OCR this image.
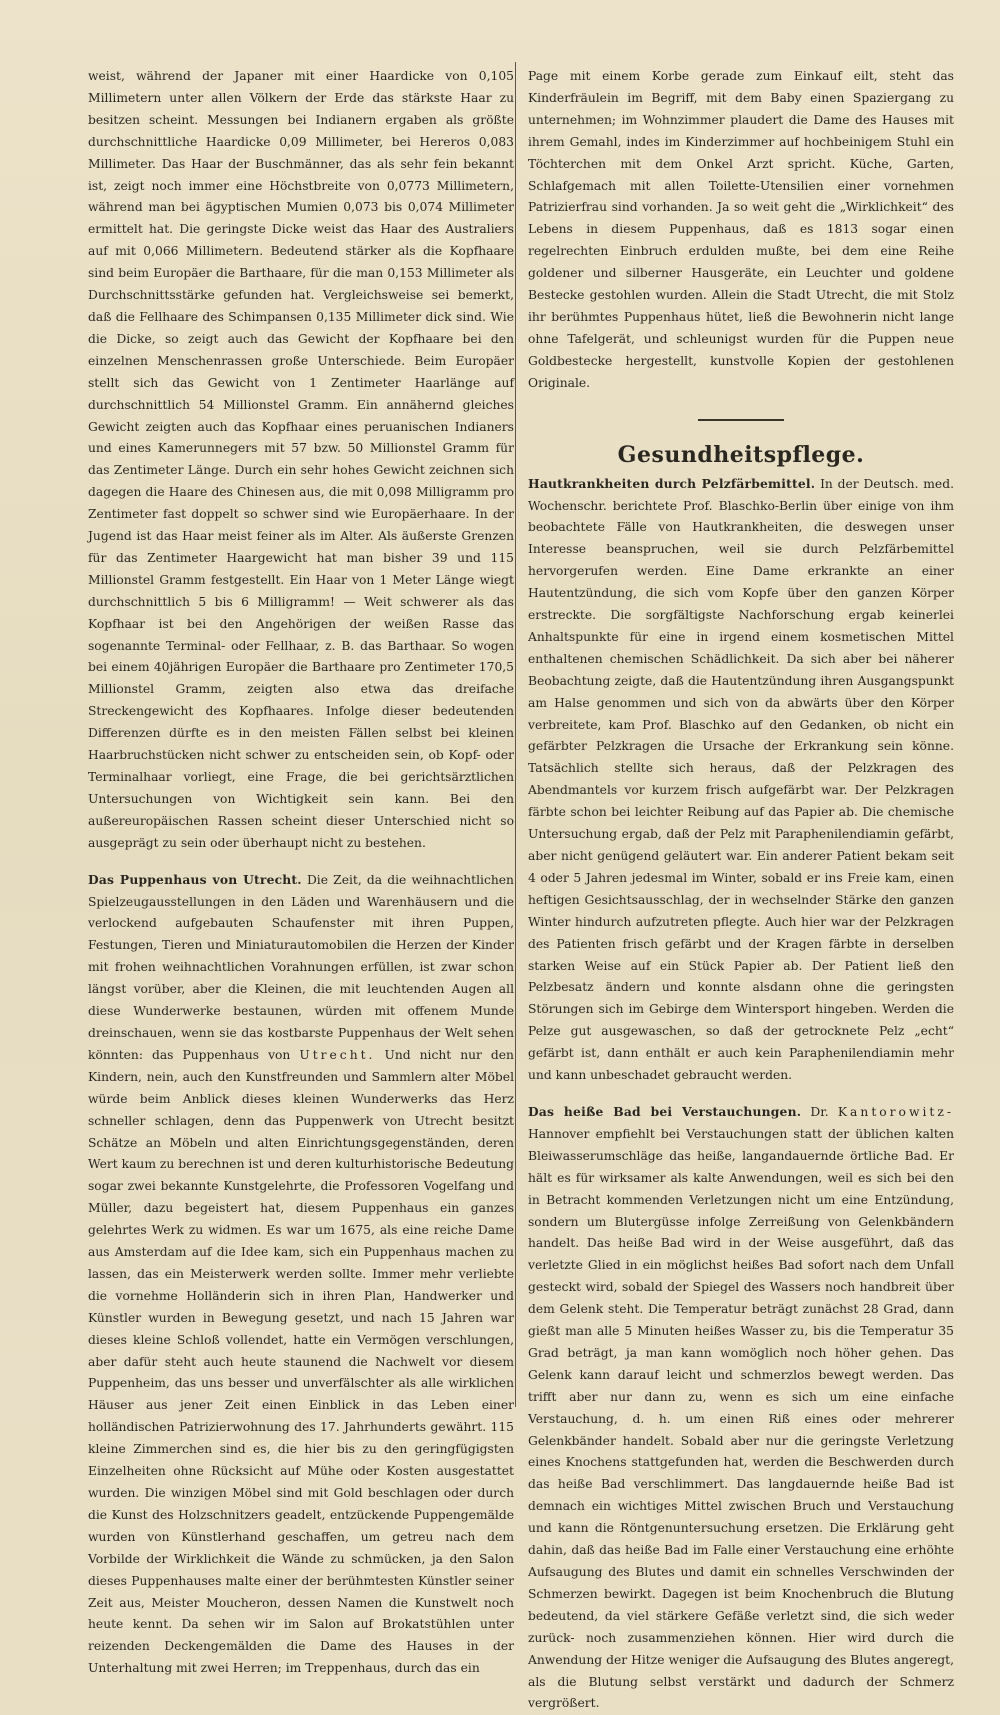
weist, während der Japaner mit einer Haardicke von 0,105 Millimetern unter allen Völkern der Erde das stärkste Haar zu besitzen scheint. Messungen bei Indianern ergaben als größte durchschnittliche Haardicke 0,09 Millimeter, bei Hereros 0,083 Millimeter. Das Haar der Buschmänner, das als sehr fein bekannt ist, zeigt noch immer eine Höchstbreite von 0,0773 Millimetern, während man bei ägyptischen Mumien 0,073 bis 0,074 Millimeter ermittelt hat. Die geringste Dicke weist das Haar des Australiers auf mit 0,066 Millimetern. Bedeutend stärker als die Kopfhaare sind beim Europäer die Barthaare, für die man 0,153 Millimeter als Durchschnittsstärke gefunden hat. Vergleichsweise sei bemerkt, daß die Fellhaare des Schimpansen 0,135 Millimeter dick sind. Wie die Dicke, so zeigt auch das Gewicht der Kopfhaare bei den einzelnen Menschenrassen große Unterschiede. Beim Europäer stellt sich das Gewicht von 1 Zentimeter Haarlänge auf durchschnittlich 54 Millionstel Gramm. Ein annähernd gleiches Gewicht zeigten auch das Kopfhaar eines peruanischen Indianers und eines Kamerunnegers mit 57 bzw. 50 Millionstel Gramm für das Zentimeter Länge. Durch ein sehr hohes Gewicht zeichnen sich dagegen die Haare des Chinesen aus, die mit 0,098 Milligramm pro Zentimeter fast doppelt so schwer sind wie Europäerhaare. In der Jugend ist das Haar meist feiner als im Alter. Als äußerste Grenzen für das Zentimeter Haargewicht hat man bisher 39 und 115 Millionstel Gramm festgestellt. Ein Haar von 1 Meter Länge wiegt durchschnittlich 5 bis 6 Milligramm! — Weit schwerer als das Kopfhaar ist bei den Angehörigen der weißen Rasse das sogenannte Terminal- oder Fellhaar, z. B. das Barthaar. So wogen bei einem 40jährigen Europäer die Barthaare pro Zentimeter 170,5 Millionstel Gramm, zeigten also etwa das dreifache Streckengewicht des Kopfhaares. Infolge dieser bedeutenden Differenzen dürfte es in den meisten Fällen selbst bei kleinen Haarbruchstücken nicht schwer zu entscheiden sein, ob Kopf- oder Terminalhaar vorliegt, eine Frage, die bei gerichtsärztlichen Untersuchungen von Wichtigkeit sein kann. Bei den außereuropäischen Rassen scheint dieser Unterschied nicht so ausgeprägt zu sein oder überhaupt nicht zu bestehen.

Das Puppenhaus von Utrecht. Die Zeit, da die weihnachtlichen Spielzeugausstellungen in den Läden und Warenhäusern und die verlockend aufgebauten Schaufenster mit ihren Puppen, Festungen, Tieren und Miniaturautomobilen die Herzen der Kinder mit frohen weihnachtlichen Vorahnungen erfüllen, ist zwar schon längst vorüber, aber die Kleinen, die mit leuchtenden Augen all diese Wunderwerke bestaunen, würden mit offenem Munde dreinschauen, wenn sie das kostbarste Puppenhaus der Welt sehen könnten: das Puppenhaus von Utrecht. Und nicht nur den Kindern, nein, auch den Kunstfreunden und Sammlern alter Möbel würde beim Anblick dieses kleinen Wunderwerks das Herz schneller schlagen, denn das Puppenwerk von Utrecht besitzt Schätze an Möbeln und alten Einrichtungsgegenständen, deren Wert kaum zu berechnen ist und deren kulturhistorische Bedeutung sogar zwei bekannte Kunstgelehrte, die Professoren Vogelfang und Müller, dazu begeistert hat, diesem Puppenhaus ein ganzes gelehrtes Werk zu widmen. Es war um 1675, als eine reiche Dame aus Amsterdam auf die Idee kam, sich ein Puppenhaus machen zu lassen, das ein Meisterwerk werden sollte. Immer mehr verliebte die vornehme Holländerin sich in ihren Plan, Handwerker und Künstler wurden in Bewegung gesetzt, und nach 15 Jahren war dieses kleine Schloß vollendet, hatte ein Vermögen verschlungen, aber dafür steht auch heute staunend die Nachwelt vor diesem Puppenheim, das uns besser und unverfälschter als alle wirklichen Häuser aus jener Zeit einen Einblick in das Leben einer holländischen Patrizierwohnung des 17. Jahrhunderts gewährt. 115 kleine Zimmerchen sind es, die hier bis zu den geringfügigsten Einzelheiten ohne Rücksicht auf Mühe oder Kosten ausgestattet wurden. Die winzigen Möbel sind mit Gold beschlagen oder durch die Kunst des Holzschnitzers geadelt, entzückende Puppengemälde wurden von Künstlerhand geschaffen, um getreu nach dem Vorbilde der Wirklichkeit die Wände zu schmücken, ja den Salon dieses Puppenhauses malte einer der berühmtesten Künstler seiner Zeit aus, Meister Moucheron, dessen Namen die Kunstwelt noch heute kennt. Da sehen wir im Salon auf Brokatstühlen unter reizenden Deckengemälden die Dame des Hauses in der Unterhaltung mit zwei Herren; im Treppenhaus, durch das ein

Page mit einem Korbe gerade zum Einkauf eilt, steht das Kinderfräulein im Begriff, mit dem Baby einen Spaziergang zu unternehmen; im Wohnzimmer plaudert die Dame des Hauses mit ihrem Gemahl, indes im Kinderzimmer auf hochbeinigem Stuhl ein Töchterchen mit dem Onkel Arzt spricht. Küche, Garten, Schlafgemach mit allen Toilette-Utensilien einer vornehmen Patrizierfrau sind vorhanden. Ja so weit geht die „Wirklichkeit“ des Lebens in diesem Puppenhaus, daß es 1813 sogar einen regelrechten Einbruch erdulden mußte, bei dem eine Reihe goldener und silberner Hausgeräte, ein Leuchter und goldene Bestecke gestohlen wurden. Allein die Stadt Utrecht, die mit Stolz ihr berühmtes Puppenhaus hütet, ließ die Bewohnerin nicht lange ohne Tafelgerät, und schleunigst wurden für die Puppen neue Goldbestecke hergestellt, kunstvolle Kopien der gestohlenen Originale.

Gesundheitspflege.

Hautkrankheiten durch Pelzfärbemittel. In der Deutsch. med. Wochenschr. berichtete Prof. Blaschko-Berlin über einige von ihm beobachtete Fälle von Hautkrankheiten, die deswegen unser Interesse beanspruchen, weil sie durch Pelzfärbemittel hervorgerufen werden. Eine Dame erkrankte an einer Hautentzündung, die sich vom Kopfe über den ganzen Körper erstreckte. Die sorgfältigste Nachforschung ergab keinerlei Anhaltspunkte für eine in irgend einem kosmetischen Mittel enthaltenen chemischen Schädlichkeit. Da sich aber bei näherer Beobachtung zeigte, daß die Hautentzündung ihren Ausgangspunkt am Halse genommen und sich von da abwärts über den Körper verbreitete, kam Prof. Blaschko auf den Gedanken, ob nicht ein gefärbter Pelzkragen die Ursache der Erkrankung sein könne. Tatsächlich stellte sich heraus, daß der Pelzkragen des Abendmantels vor kurzem frisch aufgefärbt war. Der Pelzkragen färbte schon bei leichter Reibung auf das Papier ab. Die chemische Untersuchung ergab, daß der Pelz mit Paraphenilendiamin gefärbt, aber nicht genügend geläutert war. Ein anderer Patient bekam seit 4 oder 5 Jahren jedesmal im Winter, sobald er ins Freie kam, einen heftigen Gesichtsausschlag, der in wechselnder Stärke den ganzen Winter hindurch aufzutreten pflegte. Auch hier war der Pelzkragen des Patienten frisch gefärbt und der Kragen färbte in derselben starken Weise auf ein Stück Papier ab. Der Patient ließ den Pelzbesatz ändern und konnte alsdann ohne die geringsten Störungen sich im Gebirge dem Wintersport hingeben. Werden die Pelze gut ausgewaschen, so daß der getrocknete Pelz „echt“ gefärbt ist, dann enthält er auch kein Paraphenilendiamin mehr und kann unbeschadet gebraucht werden.

Das heiße Bad bei Verstauchungen. Dr. Kantorowitz- Hannover empfiehlt bei Verstauchungen statt der üblichen kalten Bleiwasserumschläge das heiße, langandauernde örtliche Bad. Er hält es für wirksamer als kalte Anwendungen, weil es sich bei den in Betracht kommenden Verletzungen nicht um eine Entzündung, sondern um Blutergüsse infolge Zerreißung von Gelenkbändern handelt. Das heiße Bad wird in der Weise ausgeführt, daß das verletzte Glied in ein möglichst heißes Bad sofort nach dem Unfall gesteckt wird, sobald der Spiegel des Wassers noch handbreit über dem Gelenk steht. Die Temperatur beträgt zunächst 28 Grad, dann gießt man alle 5 Minuten heißes Wasser zu, bis die Temperatur 35 Grad beträgt, ja man kann womöglich noch höher gehen. Das Gelenk kann darauf leicht und schmerzlos bewegt werden. Das trifft aber nur dann zu, wenn es sich um eine einfache Verstauchung, d. h. um einen Riß eines oder mehrerer Gelenkbänder handelt. Sobald aber nur die geringste Verletzung eines Knochens stattgefunden hat, werden die Beschwerden durch das heiße Bad verschlimmert. Das langdauernde heiße Bad ist demnach ein wichtiges Mittel zwischen Bruch und Verstauchung und kann die Röntgenuntersuchung ersetzen. Die Erklärung geht dahin, daß das heiße Bad im Falle einer Verstauchung eine erhöhte Aufsaugung des Blutes und damit ein schnelles Verschwinden der Schmerzen bewirkt. Dagegen ist beim Knochenbruch die Blutung bedeutend, da viel stärkere Gefäße verletzt sind, die sich weder zurück- noch zusammenziehen können. Hier wird durch die Anwendung der Hitze weniger die Aufsaugung des Blutes angeregt, als die Blutung selbst verstärkt und dadurch der Schmerz vergrößert.
